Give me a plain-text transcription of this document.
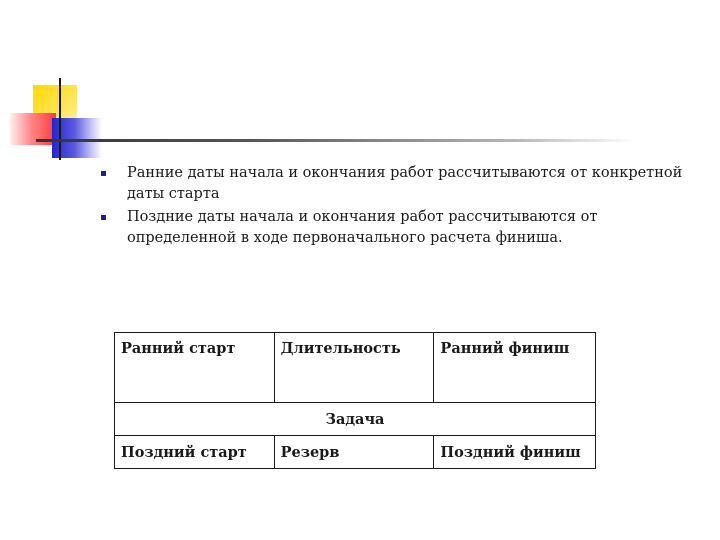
Ранние даты начала и окончания работ рассчитываются от конкретной даты старта
Поздние даты начала и окончания работ рассчитываются от определенной в ходе первоначального расчета финиша.
Ранний старт	Длительность	Ранний финиш
Задача		
Поздний старт	Резерв	Поздний финиш
